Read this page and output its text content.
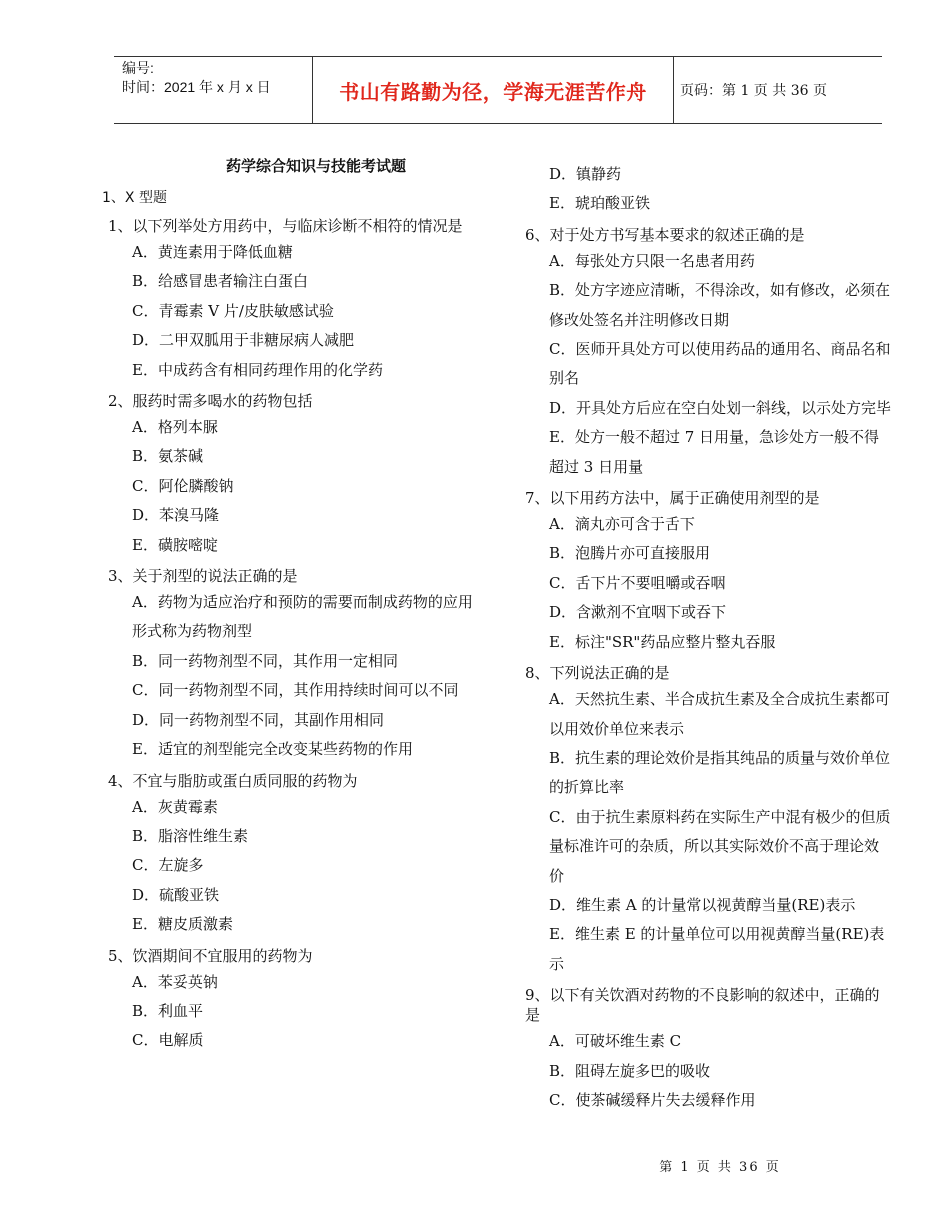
编号:
时间：2021 年 x 月 x 日	书山有路勤为径，学海无涯苦作舟	页码：第 1 页 共 36 页
药学综合知识与技能考试题
1、X 型题
1、以下列举处方用药中，与临床诊断不相符的情况是
A．黄连素用于降低血糖
B．给感冒患者输注白蛋白
C．青霉素 V 片/皮肤敏感试验
D．二甲双胍用于非糖尿病人减肥
E．中成药含有相同药理作用的化学药
2、服药时需多喝水的药物包括
A．格列本脲
B．氨茶碱
C．阿伦膦酸钠
D．苯溴马隆
E．磺胺嘧啶
3、关于剂型的说法正确的是
A．药物为适应治疗和预防的需要而制成药物的应用形式称为药物剂型
B．同一药物剂型不同，其作用一定相同
C．同一药物剂型不同，其作用持续时间可以不同
D．同一药物剂型不同，其副作用相同
E．适宜的剂型能完全改变某些药物的作用
4、不宜与脂肪或蛋白质同服的药物为
A．灰黄霉素
B．脂溶性维生素
C．左旋多
D．硫酸亚铁
E．糖皮质激素
5、饮酒期间不宜服用的药物为
A．苯妥英钠
B．利血平
C．电解质
D．镇静药
E．琥珀酸亚铁
6、对于处方书写基本要求的叙述正确的是
A．每张处方只限一名患者用药
B．处方字迹应清晰，不得涂改，如有修改，必须在修改处签名并注明修改日期
C．医师开具处方可以使用药品的通用名、商品名和别名
D．开具处方后应在空白处划一斜线，以示处方完毕
E．处方一般不超过 7 日用量，急诊处方一般不得超过 3 日用量
7、以下用药方法中，属于正确使用剂型的是
A．滴丸亦可含于舌下
B．泡腾片亦可直接服用
C．舌下片不要咀嚼或吞咽
D．含漱剂不宜咽下或吞下
E．标注"SR"药品应整片整丸吞服
8、下列说法正确的是
A．天然抗生素、半合成抗生素及全合成抗生素都可以用效价单位来表示
B．抗生素的理论效价是指其纯品的质量与效价单位的折算比率
C．由于抗生素原料药在实际生产中混有极少的但质量标准许可的杂质，所以其实际效价不高于理论效价
D．维生素 A 的计量常以视黄醇当量(RE)表示
E．维生素 E 的计量单位可以用视黄醇当量(RE)表示
9、以下有关饮酒对药物的不良影响的叙述中，正确的是
A．可破坏维生素 C
B．阻碍左旋多巴的吸收
C．使茶碱缓释片失去缓释作用
第 1 页 共 36 页
